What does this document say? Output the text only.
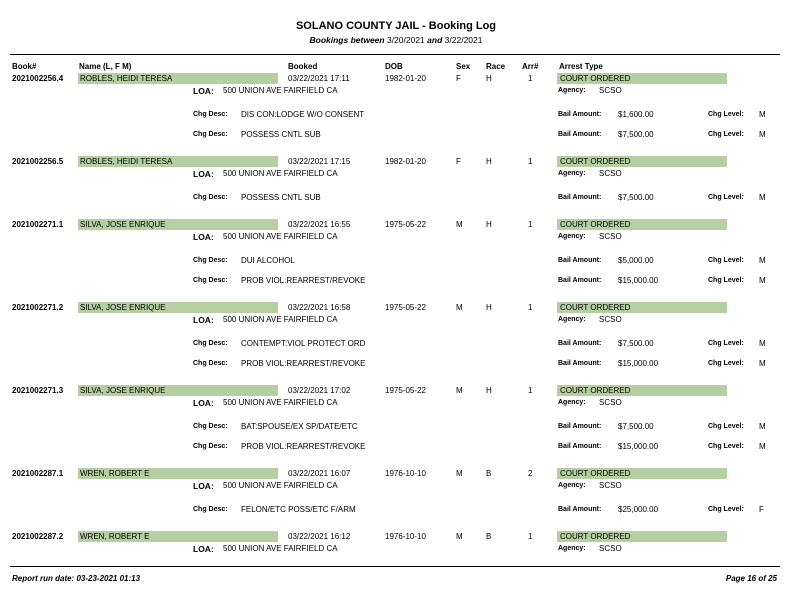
SOLANO COUNTY JAIL - Booking Log
Bookings between 3/20/2021 and 3/22/2021
Book#	Name (L, F M)	Booked	DOB	Sex Race Arr#	Arrest Type
2021002256.4 ROBLES, HEIDI TERESA	03/22/2021 17:11	1982-01-20	F	H	1	COURT ORDERED
LOA: 500 UNION AVE FAIRFIELD CA	Agency: SCSO
Chg Desc: DIS CON:LODGE W/O CONSENT	Bail Amount: $1,600.00	Chg Level: M
Chg Desc: POSSESS CNTL SUB	Bail Amount: $7,500.00	Chg Level: M
2021002256.5 ROBLES, HEIDI TERESA	03/22/2021 17:15	1982-01-20	F	H	1	COURT ORDERED
LOA: 500 UNION AVE FAIRFIELD CA	Agency: SCSO
Chg Desc: POSSESS CNTL SUB	Bail Amount: $7,500.00	Chg Level: M
2021002271.1 SILVA, JOSE ENRIQUE	03/22/2021 16:55	1975-05-22	M	H	1	COURT ORDERED
LOA: 500 UNION AVE FAIRFIELD CA	Agency: SCSO
Chg Desc: DUI ALCOHOL	Bail Amount: $5,000.00	Chg Level: M
Chg Desc: PROB VIOL:REARREST/REVOKE	Bail Amount: $15,000.00	Chg Level: M
2021002271.2 SILVA, JOSE ENRIQUE	03/22/2021 16:58	1975-05-22	M	H	1	COURT ORDERED
LOA: 500 UNION AVE FAIRFIELD CA	Agency: SCSO
Chg Desc: CONTEMPT:VIOL PROTECT ORD	Bail Amount: $7,500.00	Chg Level: M
Chg Desc: PROB VIOL:REARREST/REVOKE	Bail Amount: $15,000.00	Chg Level: M
2021002271.3 SILVA, JOSE ENRIQUE	03/22/2021 17:02	1975-05-22	M	H	1	COURT ORDERED
LOA: 500 UNION AVE FAIRFIELD CA	Agency: SCSO
Chg Desc: BAT:SPOUSE/EX SP/DATE/ETC	Bail Amount: $7,500.00	Chg Level: M
Chg Desc: PROB VIOL:REARREST/REVOKE	Bail Amount: $15,000.00	Chg Level: M
2021002287.1 WREN, ROBERT E	03/22/2021 16:07	1976-10-10	M	B	2	COURT ORDERED
LOA: 500 UNION AVE FAIRFIELD CA	Agency: SCSO
Chg Desc: FELON/ETC POSS/ETC F/ARM	Bail Amount: $25,000.00	Chg Level: F
2021002287.2 WREN, ROBERT E	03/22/2021 16:12	1976-10-10	M	B	1	COURT ORDERED
LOA: 500 UNION AVE FAIRFIELD CA	Agency: SCSO
Report run date: 03-23-2021 01:13	Page 16 of 25
